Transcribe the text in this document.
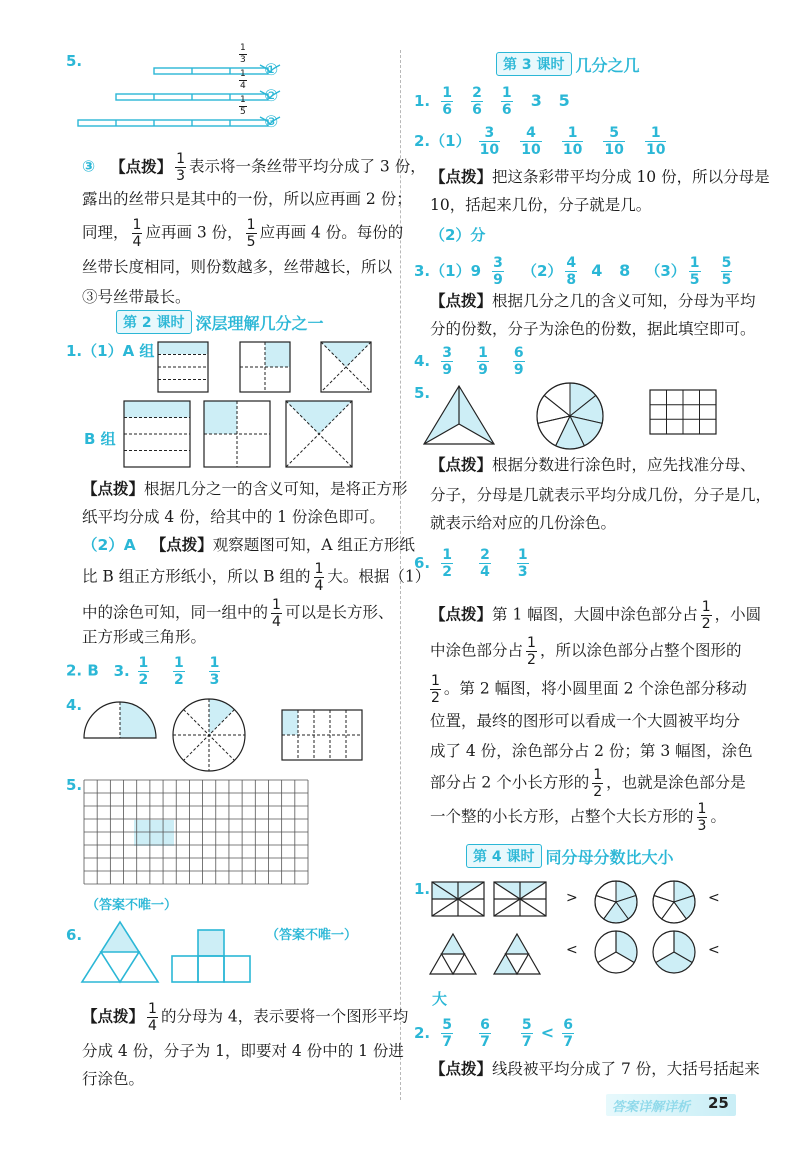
5.	$\frac{1}{3}$
$\frac{1}{4}$
$\frac{1}{5}$
①
②
③
③ 【点拨】 $\frac{1}{3}$ 表示将一条丝带平均分成了 3 份，
露出的丝带只是其中的一份，所以应再画 2 份；
同理， $\frac{1}{4}$ 应再画 3 份， $\frac{1}{5}$ 应再画 4 份。每份的
丝带长度相同，则份数越多，丝带越长，所以
③号丝带最长。
第 2 课时 深层理解几分之一
1.（1）A 组
B 组
【点拨】根据几分之一的含义可知，是将正方形
纸平均分成 4 份，给其中的 1 份涂色即可。
（2）A 【点拨】观察题图可知，A 组正方形纸
比 B 组正方形纸小，所以 B 组的 $\frac{1}{4}$ 大。根据（1）
中的涂色可知，同一组中的 $\frac{1}{4}$ 可以是长方形、
正方形或三角形。
2. B 3. $\frac{1}{2}$
$\frac{1}{2}$
$\frac{1}{3}$
4.
5.
（答案不唯一）
6.	（答案不唯一）
【点拨】 $\frac{1}{4}$ 的分母为 4，表示要将一个图形平均
分成 4 份，分子为 1，即要对 4 份中的 1 份进
行涂色。
第 3 课时 几分之几
1. $\frac{1}{6}$
$\frac{2}{6}$
$\frac{1}{6} 3$   5
$2.(1) \frac{3}{10}$
$\frac{4}{10}$
$\frac{1}{10}$
$\frac{5}{10}$
$\frac{1}{10}$
【点拨】把这条彩带平均分成 10 份，所以分母是
10，括起来几份，分子就是几。
（2）分
$3.(1)9 \frac{3}{9} (2) \frac{4}{8} 4$   8 $(3) \frac{1}{5}$
$\frac{5}{5}$
【点拨】根据几分之几的含义可知，分母为平均
分的份数，分子为涂色的份数，据此填空即可。
4. $\frac{3}{9}$
$\frac{1}{9}$
$\frac{6}{9}$
5.
【点拨】根据分数进行涂色时，应先找准分母、
分子，分母是几就表示平均分成几份，分子是几，
就表示给对应的几份涂色。
6. $\frac{1}{2}$
$\frac{2}{4}$
$\frac{1}{3}$
【点拨】第 1 幅图，大圆中涂色部分占 $\frac{1}{2}$ ，小圆
中涂色部分占 $\frac{1}{2}$ ，所以涂色部分占整个图形的
$\frac{1}{2}$ 。第 2 幅图，将小圆里面 2 个涂色部分移动
位置，最终的图形可以看成一个大圆被平均分
成了 4 份，涂色部分占 2 份；第 3 幅图，涂色
部分占 2 个小长方形的 $\frac{1}{2}$ ，也就是涂色部分是
一个整的小长方形，占整个大长方形的 $\frac{1}{3}$ 。
第 4 课时 同分母分数比大小
1.	>	<
<	<
大
2. $\frac{5}{7}$
$\frac{6}{7}$
$\frac{5}{7} < \frac{6}{7}$
【点拨】线段被平均分成了 7 份，大括号括起来
答案详解详析 25
